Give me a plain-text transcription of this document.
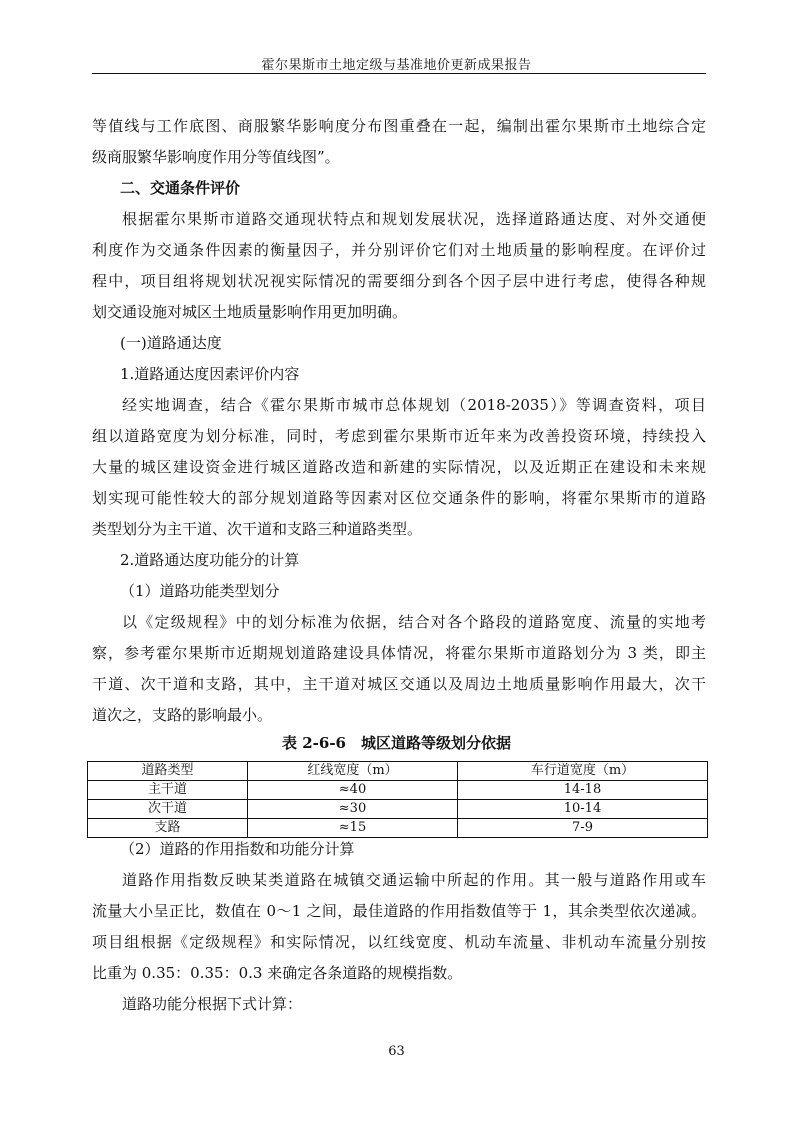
霍尔果斯市土地定级与基准地价更新成果报告
等值线与工作底图、商服繁华影响度分布图重叠在一起，编制出霍尔果斯市土地综合定
级商服繁华影响度作用分等值线图”。
二、交通条件评价
根据霍尔果斯市道路交通现状特点和规划发展状况，选择道路通达度、对外交通便
利度作为交通条件因素的衡量因子，并分别评价它们对土地质量的影响程度。在评价过
程中，项目组将规划状况视实际情况的需要细分到各个因子层中进行考虑，使得各种规
划交通设施对城区土地质量影响作用更加明确。
(一)道路通达度
1.道路通达度因素评价内容
经实地调查，结合《霍尔果斯市城市总体规划（2018-2035）》等调查资料，项目
组以道路宽度为划分标准，同时，考虑到霍尔果斯市近年来为改善投资环境，持续投入
大量的城区建设资金进行城区道路改造和新建的实际情况，以及近期正在建设和未来规
划实现可能性较大的部分规划道路等因素对区位交通条件的影响，将霍尔果斯市的道路
类型划分为主干道、次干道和支路三种道路类型。
2.道路通达度功能分的计算
（1）道路功能类型划分
以《定级规程》中的划分标准为依据，结合对各个路段的道路宽度、流量的实地考
察，参考霍尔果斯市近期规划道路建设具体情况，将霍尔果斯市道路划分为 3 类，即主
干道、次干道和支路，其中，主干道对城区交通以及周边土地质量影响作用最大，次干
道次之，支路的影响最小。
表 2-6-6　城区道路等级划分依据
道路类型	红线宽度（m）	车行道宽度（m）
主干道	≈40	14-18
次干道	≈30	10-14
支路	≈15	7-9
（2）道路的作用指数和功能分计算
道路作用指数反映某类道路在城镇交通运输中所起的作用。其一般与道路作用或车
流量大小呈正比，数值在 0～1 之间，最佳道路的作用指数值等于 1，其余类型依次递减。
项目组根据《定级规程》和实际情况，以红线宽度、机动车流量、非机动车流量分别按
比重为 0.35：0.35：0.3 来确定各条道路的规模指数。
道路功能分根据下式计算：
63
